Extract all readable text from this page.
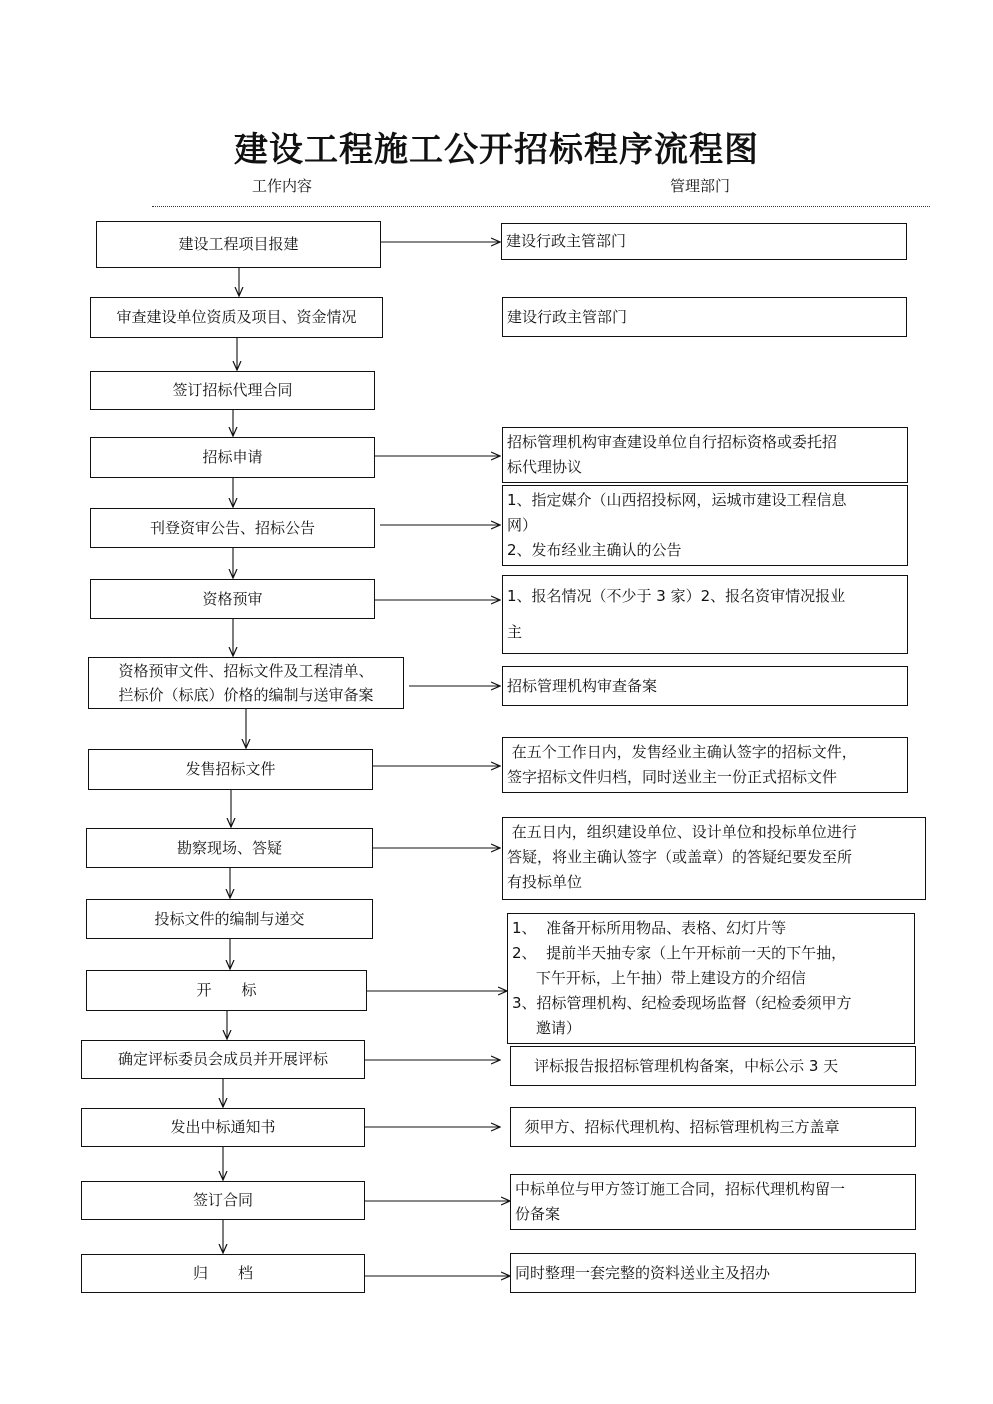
建设工程施工公开招标程序流程图
工作内容	管理部门
建设工程项目报建	建设行政主管部门
审查建设单位资质及项目、资金情况	建设行政主管部门
签订招标代理合同
招标申请
招标管理机构审查建设单位自行招标资格或委托招
标代理协议
刊登资审公告、招标公告
1、指定媒介（山西招投标网，运城市建设工程信息
网）
2、发布经业主确认的公告
资格预审	1、报名情况（不少于 3 家）2、报名资审情况报业
主
资格预审文件、招标文件及工程清单、
拦标价（标底）价格的编制与送审备案
招标管理机构审查备案
发售招标文件
在五个工作日内，发售经业主确认签字的招标文件，
签字招标文件归档，同时送业主一份正式招标文件
勘察现场、答疑
在五日内，组织建设单位、设计单位和投标单位进行
答疑，将业主确认签字（或盖章）的答疑纪要发至所
有投标单位
投标文件的编制与递交
开　　标
1、  准备开标所用物品、表格、幻灯片等
2、  提前半天抽专家（上午开标前一天的下午抽，
下午开标，上午抽）带上建设方的介绍信
3、招标管理机构、纪检委现场监督（纪检委须甲方
邀请）
确定评标委员会成员并开展评标	评标报告报招标管理机构备案，中标公示 3 天
发出中标通知书	须甲方、招标代理机构、招标管理机构三方盖章
签订合同
中标单位与甲方签订施工合同，招标代理机构留一
份备案
归　　档	同时整理一套完整的资料送业主及招办
